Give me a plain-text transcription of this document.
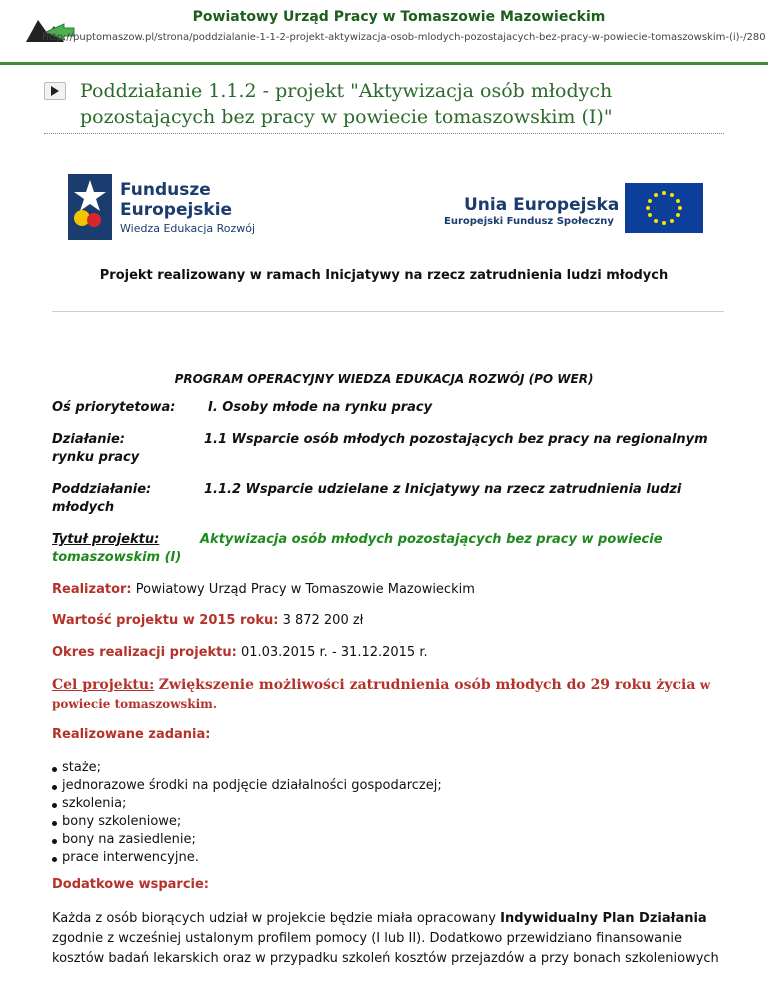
Powiatowy Urząd Pracy w Tomaszowie Mazowieckim
http://puptomaszow.pl/strona/poddzialanie-1-1-2-projekt-aktywizacja-osob-mlodych-pozostajacych-bez-pracy-w-powiecie-tomaszowskim-(i)-/280
Poddziałanie 1.1.2 - projekt "Aktywizacja osób młodych pozostających bez pracy w powiecie tomaszowskim (I)"
Fundusze
Europejskie
Wiedza Edukacja Rozwój
Unia Europejska
Europejski Fundusz Społeczny
Projekt realizowany w ramach Inicjatywy na rzecz zatrudnienia ludzi młodych
PROGRAM OPERACYJNY WIEDZA EDUKACJA ROZWÓJ (PO WER)
Oś priorytetowa:	I. Osoby młode na rynku pracy
Działanie:	1.1 Wsparcie osób młodych pozostających bez pracy na regionalnym
rynku pracy
Poddziałanie:	1.1.2 Wsparcie udzielane z Inicjatywy na rzecz zatrudnienia ludzi
młodych
Tytuł projektu:	Aktywizacja osób młodych pozostających bez pracy w powiecie
tomaszowskim (I)
Realizator: Powiatowy Urząd Pracy w Tomaszowie Mazowieckim
Wartość projektu w 2015 roku: 3 872 200 zł
Okres realizacji projektu: 01.03.2015 r. - 31.12.2015 r.
Cel projektu: Zwiększenie możliwości zatrudnienia osób młodych do 29 roku życia w
powiecie tomaszowskim.
Realizowane zadania:
staże;
jednorazowe środki na podjęcie działalności gospodarczej;
szkolenia;
bony szkoleniowe;
bony na zasiedlenie;
prace interwencyjne.
Dodatkowe wsparcie:
Każda z osób biorących udział w projekcie będzie miała opracowany Indywidualny Plan Działania zgodnie z wcześniej ustalonym profilem pomocy (I lub II). Dodatkowo przewidziano finansowanie kosztów badań lekarskich oraz w przypadku szkoleń kosztów przejazdów a przy bonach szkoleniowych
